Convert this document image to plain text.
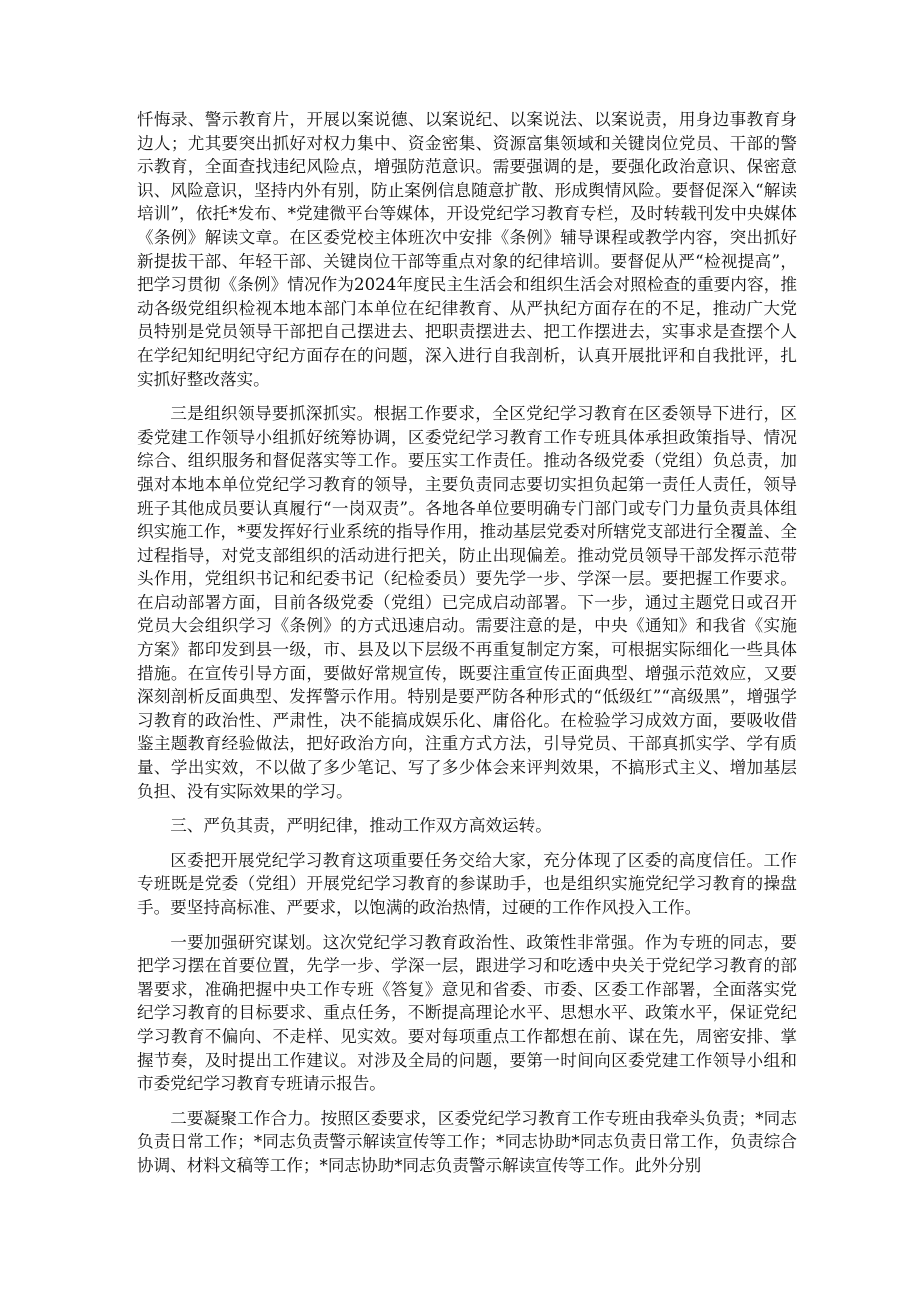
忏悔录、警示教育片，开展以案说德、以案说纪、以案说法、以案说责，用身边事教育身边人；尤其要突出抓好对权力集中、资金密集、资源富集领域和关键岗位党员、干部的警示教育，全面查找违纪风险点，增强防范意识。需要强调的是，要强化政治意识、保密意识、风险意识，坚持内外有别，防止案例信息随意扩散、形成舆情风险。要督促深入“解读培训”，依托*发布、*党建微平台等媒体，开设党纪学习教育专栏，及时转载刊发中央媒体《条例》解读文章。在区委党校主体班次中安排《条例》辅导课程或教学内容，突出抓好新提拔干部、年轻干部、关键岗位干部等重点对象的纪律培训。要督促从严“检视提高”，把学习贯彻《条例》情况作为2024年度民主生活会和组织生活会对照检查的重要内容，推动各级党组织检视本地本部门本单位在纪律教育、从严执纪方面存在的不足，推动广大党员特别是党员领导干部把自己摆进去、把职责摆进去、把工作摆进去，实事求是查摆个人在学纪知纪明纪守纪方面存在的问题，深入进行自我剖析，认真开展批评和自我批评，扎实抓好整改落实。

三是组织领导要抓深抓实。根据工作要求，全区党纪学习教育在区委领导下进行，区委党建工作领导小组抓好统筹协调，区委党纪学习教育工作专班具体承担政策指导、情况综合、组织服务和督促落实等工作。要压实工作责任。推动各级党委（党组）负总责，加强对本地本单位党纪学习教育的领导，主要负责同志要切实担负起第一责任人责任，领导班子其他成员要认真履行“一岗双责”。各地各单位要明确专门部门或专门力量负责具体组织实施工作，*要发挥好行业系统的指导作用，推动基层党委对所辖党支部进行全覆盖、全过程指导，对党支部组织的活动进行把关，防止出现偏差。推动党员领导干部发挥示范带头作用，党组织书记和纪委书记（纪检委员）要先学一步、学深一层。要把握工作要求。在启动部署方面，目前各级党委（党组）已完成启动部署。下一步，通过主题党日或召开党员大会组织学习《条例》的方式迅速启动。需要注意的是，中央《通知》和我省《实施方案》都印发到县一级，市、县及以下层级不再重复制定方案，可根据实际细化一些具体措施。在宣传引导方面，要做好常规宣传，既要注重宣传正面典型、增强示范效应，又要深刻剖析反面典型、发挥警示作用。特别是要严防各种形式的“低级红”“高级黑”，增强学习教育的政治性、严肃性，决不能搞成娱乐化、庸俗化。在检验学习成效方面，要吸收借鉴主题教育经验做法，把好政治方向，注重方式方法，引导党员、干部真抓实学、学有质量、学出实效，不以做了多少笔记、写了多少体会来评判效果，不搞形式主义、增加基层负担、没有实际效果的学习。

三、严负其责，严明纪律，推动工作双方高效运转。

区委把开展党纪学习教育这项重要任务交给大家，充分体现了区委的高度信任。工作专班既是党委（党组）开展党纪学习教育的参谋助手，也是组织实施党纪学习教育的操盘手。要坚持高标准、严要求，以饱满的政治热情，过硬的工作作风投入工作。

一要加强研究谋划。这次党纪学习教育政治性、政策性非常强。作为专班的同志，要把学习摆在首要位置，先学一步、学深一层，跟进学习和吃透中央关于党纪学习教育的部署要求，准确把握中央工作专班《答复》意见和省委、市委、区委工作部署，全面落实党纪学习教育的目标要求、重点任务，不断提高理论水平、思想水平、政策水平，保证党纪学习教育不偏向、不走样、见实效。要对每项重点工作都想在前、谋在先，周密安排、掌握节奏，及时提出工作建议。对涉及全局的问题，要第一时间向区委党建工作领导小组和市委党纪学习教育专班请示报告。

二要凝聚工作合力。按照区委要求，区委党纪学习教育工作专班由我牵头负责；*同志负责日常工作；*同志负责警示解读宣传等工作；*同志协助*同志负责日常工作，负责综合协调、材料文稿等工作；*同志协助*同志负责警示解读宣传等工作。此外分别
